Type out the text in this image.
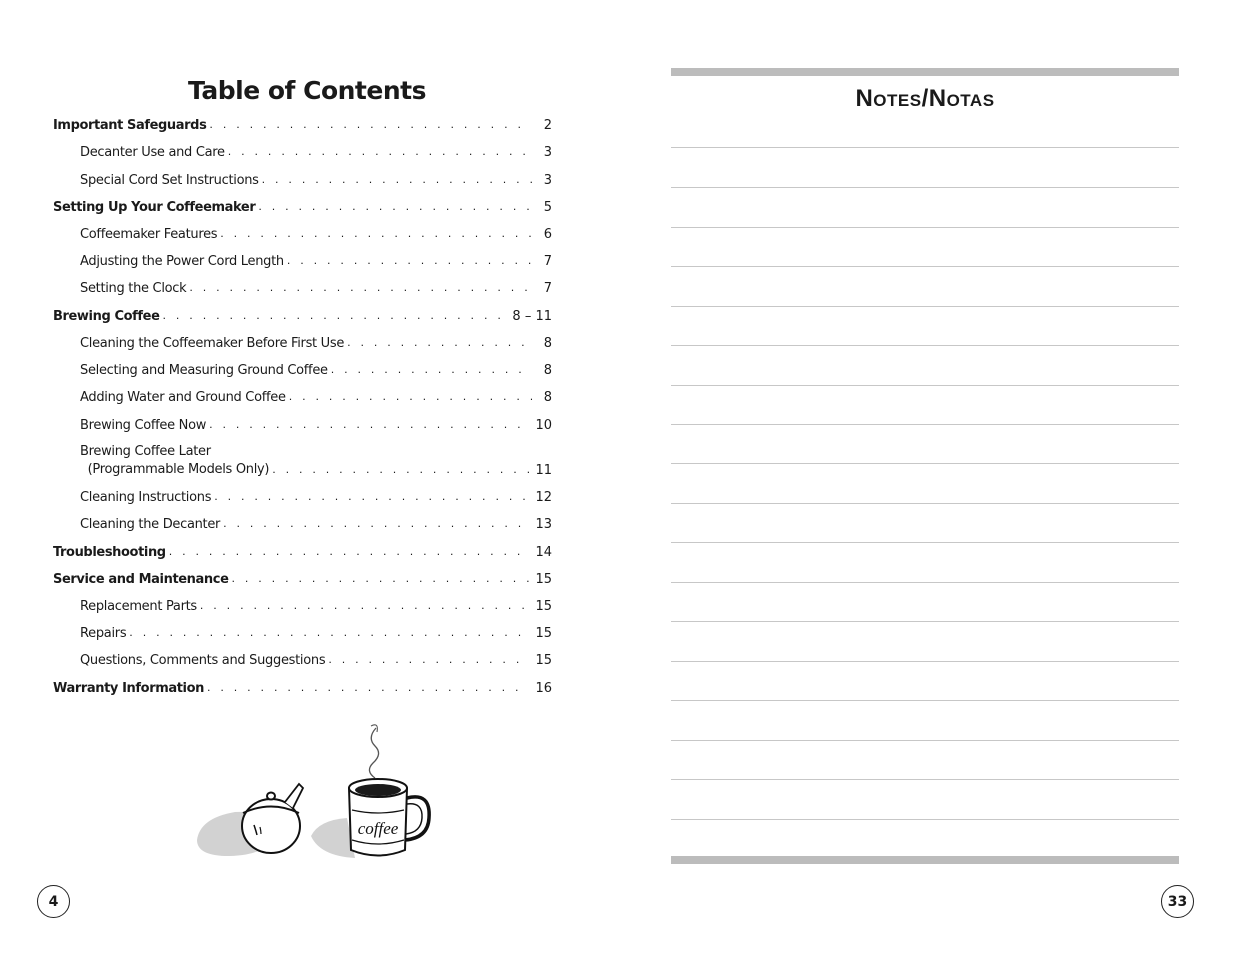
Table of Contents
Important Safeguards . . .	2
Decanter Use and Care . . .	3
Special Cord Set Instructions . . .	3
Setting Up Your Coffeemaker . . .	5
Coffeemaker Features . . .	6
Adjusting the Power Cord Length . . .	7
Setting the Clock . . .	7
Brewing Coffee . . .	8 – 11
Cleaning the Coffeemaker Before First Use . . .	8
Selecting and Measuring Ground Coffee . . .	8
Adding Water and Ground Coffee . . .	8
Brewing Coffee Now . . .	10
Brewing Coffee Later
(Programmable Models Only) . . .	11
Cleaning Instructions . . .	12
Cleaning the Decanter . . .	13
Troubleshooting . . .	14
Service and Maintenance . . .	15
Replacement Parts . . .	15
Repairs . . .	15
Questions, Comments and Suggestions . . .	15
Warranty Information . . .	16
coffee
4
Notes/Notas
33
